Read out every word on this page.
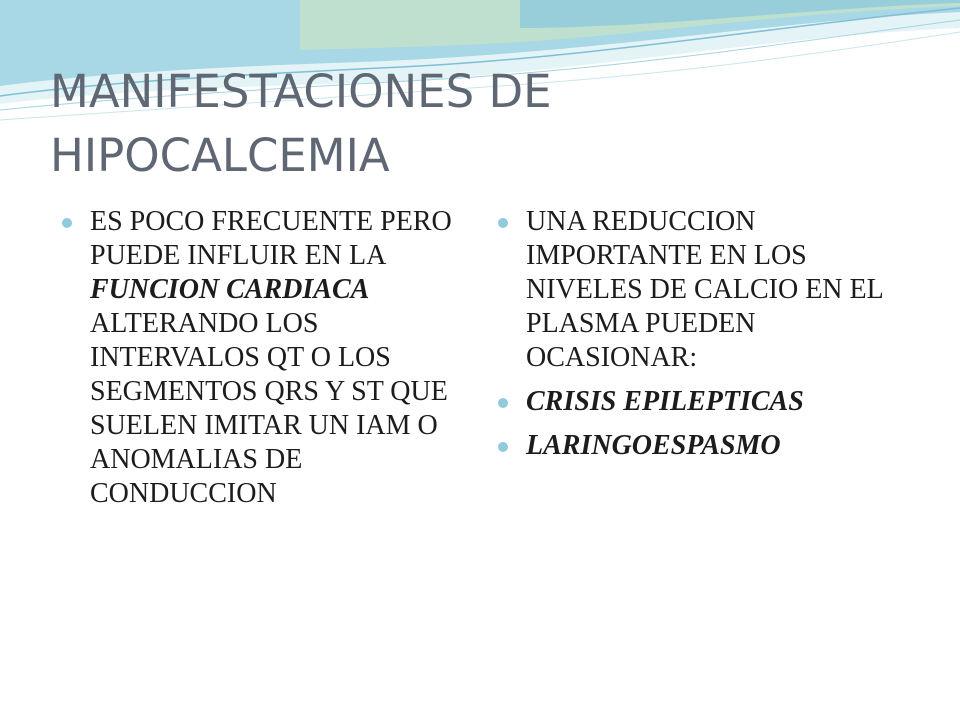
MANIFESTACIONES DE
HIPOCALCEMIA
ES POCO FRECUENTE PERO PUEDE INFLUIR EN LA FUNCION CARDIACA ALTERANDO LOS INTERVALOS QT O LOS SEGMENTOS QRS Y ST QUE SUELEN IMITAR UN IAM O ANOMALIAS DE CONDUCCION
UNA REDUCCION IMPORTANTE EN LOS NIVELES DE CALCIO EN EL PLASMA PUEDEN OCASIONAR:
CRISIS EPILEPTICAS
LARINGOESPASMO
